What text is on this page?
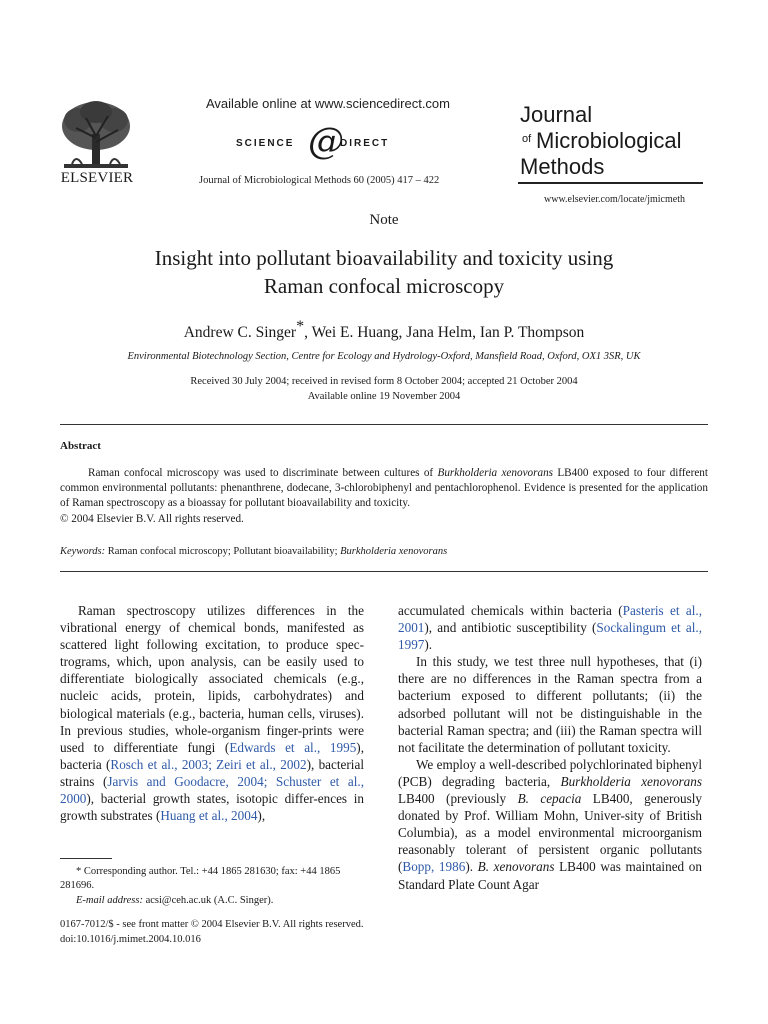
ELSEVIER
Available online at www.sciencedirect.com
SCIENCE @
DIRECT
Journal of Microbiological Methods 60 (2005) 417 – 422
Journal
of Microbiological
Methods
www.elsevier.com/locate/jmicmeth
Note
Insight into pollutant bioavailability and toxicity using
Raman confocal microscopy
Andrew C. Singer*, Wei E. Huang, Jana Helm, Ian P. Thompson
Environmental Biotechnology Section, Centre for Ecology and Hydrology-Oxford, Mansfield Road, Oxford, OX1 3SR, UK
Received 30 July 2004; received in revised form 8 October 2004; accepted 21 October 2004
Available online 19 November 2004
Abstract

Raman confocal microscopy was used to discriminate between cultures of Burkholderia xenovorans LB400 exposed to four different common environmental pollutants: phenanthrene, dodecane, 3-chlorobiphenyl and pentachlorophenol. Evidence is presented for the application of Raman spectroscopy as a bioassay for pollutant bioavailability and toxicity.

© 2004 Elsevier B.V. All rights reserved.
Keywords: Raman confocal microscopy; Pollutant bioavailability; Burkholderia xenovorans

Raman spectroscopy utilizes differences in the vibrational energy of chemical bonds, manifested as scattered light following excitation, to produce spec-trograms, which, upon analysis, can be easily used to differentiate biologically associated chemicals (e.g., nucleic acids, protein, lipids, carbohydrates) and biological materials (e.g., bacteria, human cells, viruses). In previous studies, whole-organism finger-prints were used to differentiate fungi (Edwards et al., 1995), bacteria (Rosch et al., 2003; Zeiri et al., 2002), bacterial strains (Jarvis and Goodacre, 2004; Schuster et al., 2000), bacterial growth states, isotopic differ-ences in growth substrates (Huang et al., 2004),

accumulated chemicals within bacteria (Pasteris et al., 2001), and antibiotic susceptibility (Sockalingum et al., 1997).

In this study, we test three null hypotheses, that (i) there are no differences in the Raman spectra from a bacterium exposed to different pollutants; (ii) the adsorbed pollutant will not be distinguishable in the bacterial Raman spectra; and (iii) the Raman spectra will not facilitate the determination of pollutant toxicity.

We employ a well-described polychlorinated biphenyl (PCB) degrading bacteria, Burkholderia xenovorans LB400 (previously B. cepacia LB400, generously donated by Prof. William Mohn, Univer-sity of British Columbia), as a model environmental microorganism reasonably tolerant of persistent organic pollutants (Bopp, 1986). B. xenovorans LB400 was maintained on Standard Plate Count Agar

* Corresponding author. Tel.: +44 1865 281630; fax: +44 1865 281696.

E-mail address: acsi@ceh.ac.uk (A.C. Singer).

0167-7012/$ - see front matter © 2004 Elsevier B.V. All rights reserved.
doi:10.1016/j.mimet.2004.10.016
